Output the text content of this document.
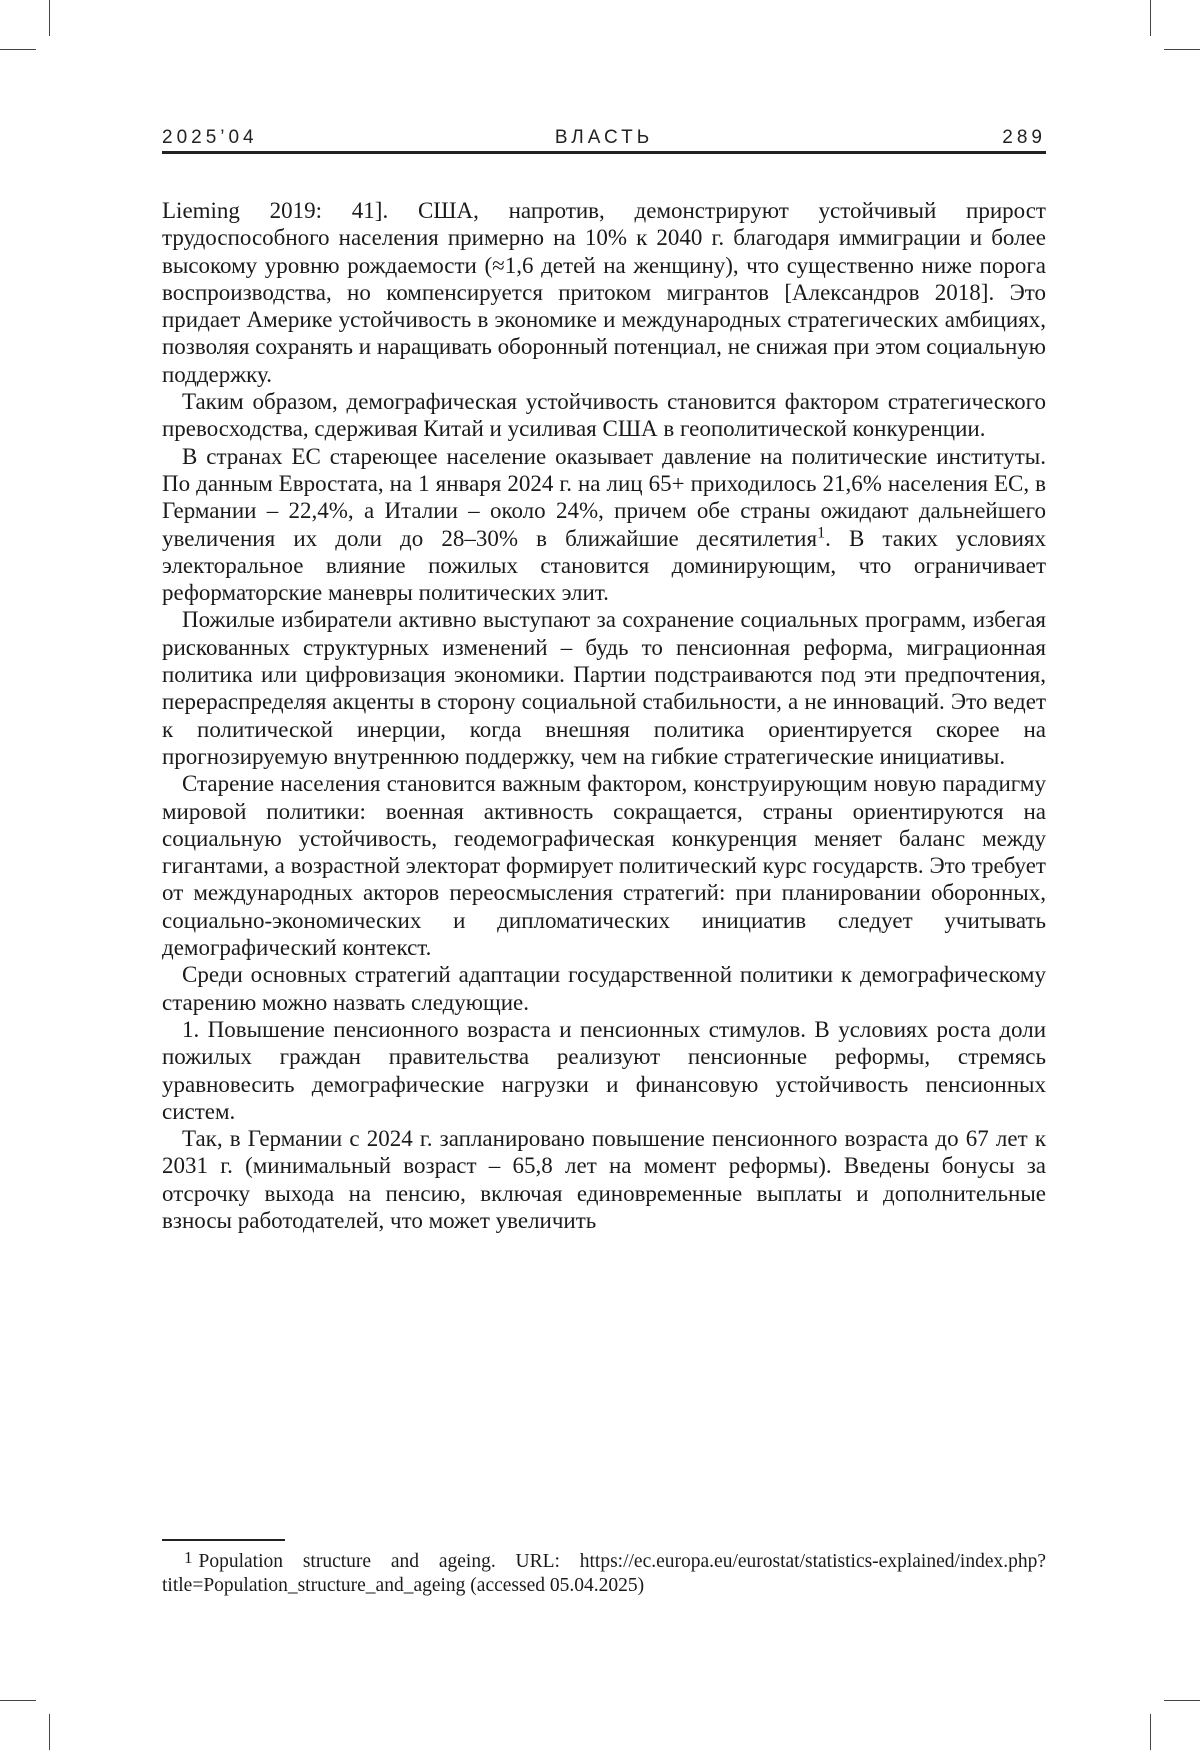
2025’04	ВЛАСТЬ	289

Lieming 2019: 41]. США, напротив, демонстрируют устойчивый прирост трудоспособного населения примерно на 10% к 2040 г. благодаря иммиграции и более высокому уровню рождаемости (≈1,6 детей на женщину), что существенно ниже порога воспроизводства, но компенсируется притоком мигрантов [Александров 2018]. Это придает Америке устойчивость в экономике и международных стратегических амбициях, позволяя сохранять и наращивать оборонный потенциал, не снижая при этом социальную поддержку.

Таким образом, демографическая устойчивость становится фактором стратегического превосходства, сдерживая Китай и усиливая США в геополитической конкуренции.

В странах ЕС стареющее население оказывает давление на политические институты. По данным Евростата, на 1 января 2024 г. на лиц 65+ приходилось 21,6% населения ЕС, в Германии – 22,4%, а Италии – около 24%, причем обе страны ожидают дальнейшего увеличения их доли до 28–30% в ближайшие десятилетия1. В таких условиях электоральное влияние пожилых становится доминирующим, что ограничивает реформаторские маневры политических элит.

Пожилые избиратели активно выступают за сохранение социальных программ, избегая рискованных структурных изменений – будь то пенсионная реформа, миграционная политика или цифровизация экономики. Партии подстраиваются под эти предпочтения, перераспределяя акценты в сторону социальной стабильности, а не инноваций. Это ведет к политической инерции, когда внешняя политика ориентируется скорее на прогнозируемую внутреннюю поддержку, чем на гибкие стратегические инициативы.

Старение населения становится важным фактором, конструирующим новую парадигму мировой политики: военная активность сокращается, страны ориентируются на социальную устойчивость, геодемографическая конкуренция меняет баланс между гигантами, а возрастной электорат формирует политический курс государств. Это требует от международных акторов переосмысления стратегий: при планировании оборонных, социально-экономических и дипломатических инициатив следует учитывать демографический контекст.

Среди основных стратегий адаптации государственной политики к демографическому старению можно назвать следующие.

1. Повышение пенсионного возраста и пенсионных стимулов. В условиях роста доли пожилых граждан правительства реализуют пенсионные реформы, стремясь уравновесить демографические нагрузки и финансовую устойчивость пенсионных систем.

Так, в Германии с 2024 г. запланировано повышение пенсионного возраста до 67 лет к 2031 г. (минимальный возраст – 65,8 лет на момент реформы). Введены бонусы за отсрочку выхода на пенсию, включая единовременные выплаты и дополнительные взносы работодателей, что может увеличить

1 Population structure and ageing. URL: https://ec.europa.eu/eurostat/statistics-explained/index.php?title=Population_structure_and_ageing (accessed 05.04.2025)
